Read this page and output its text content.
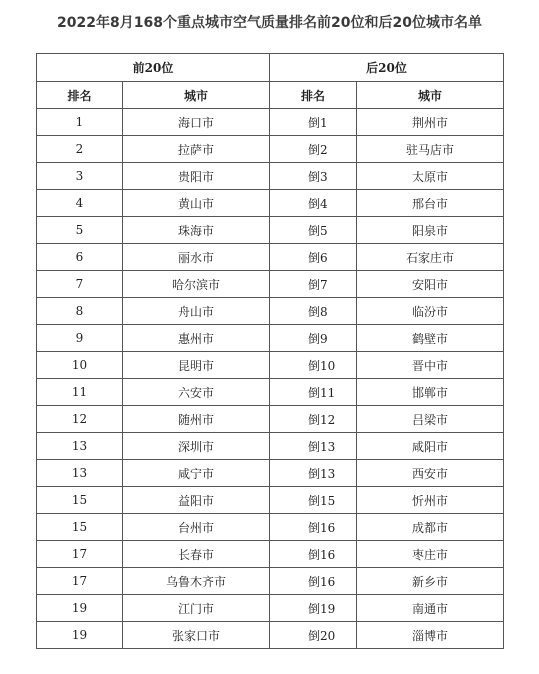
2022年8月168个重点城市空气质量排名前20位和后20位城市名单
前20位		后20位	
排名	城市	排名	城市
1	海口市	倒1	荆州市
2	拉萨市	倒2	驻马店市
3	贵阳市	倒3	太原市
4	黄山市	倒4	邢台市
5	珠海市	倒5	阳泉市
6	丽水市	倒6	石家庄市
7	哈尔滨市	倒7	安阳市
8	舟山市	倒8	临汾市
9	惠州市	倒9	鹤壁市
10	昆明市	倒10	晋中市
11	六安市	倒11	邯郸市
12	随州市	倒12	吕梁市
13	深圳市	倒13	咸阳市
13	咸宁市	倒13	西安市
15	益阳市	倒15	忻州市
15	台州市	倒16	成都市
17	长春市	倒16	枣庄市
17	乌鲁木齐市	倒16	新乡市
19	江门市	倒19	南通市
19	张家口市	倒20	淄博市
